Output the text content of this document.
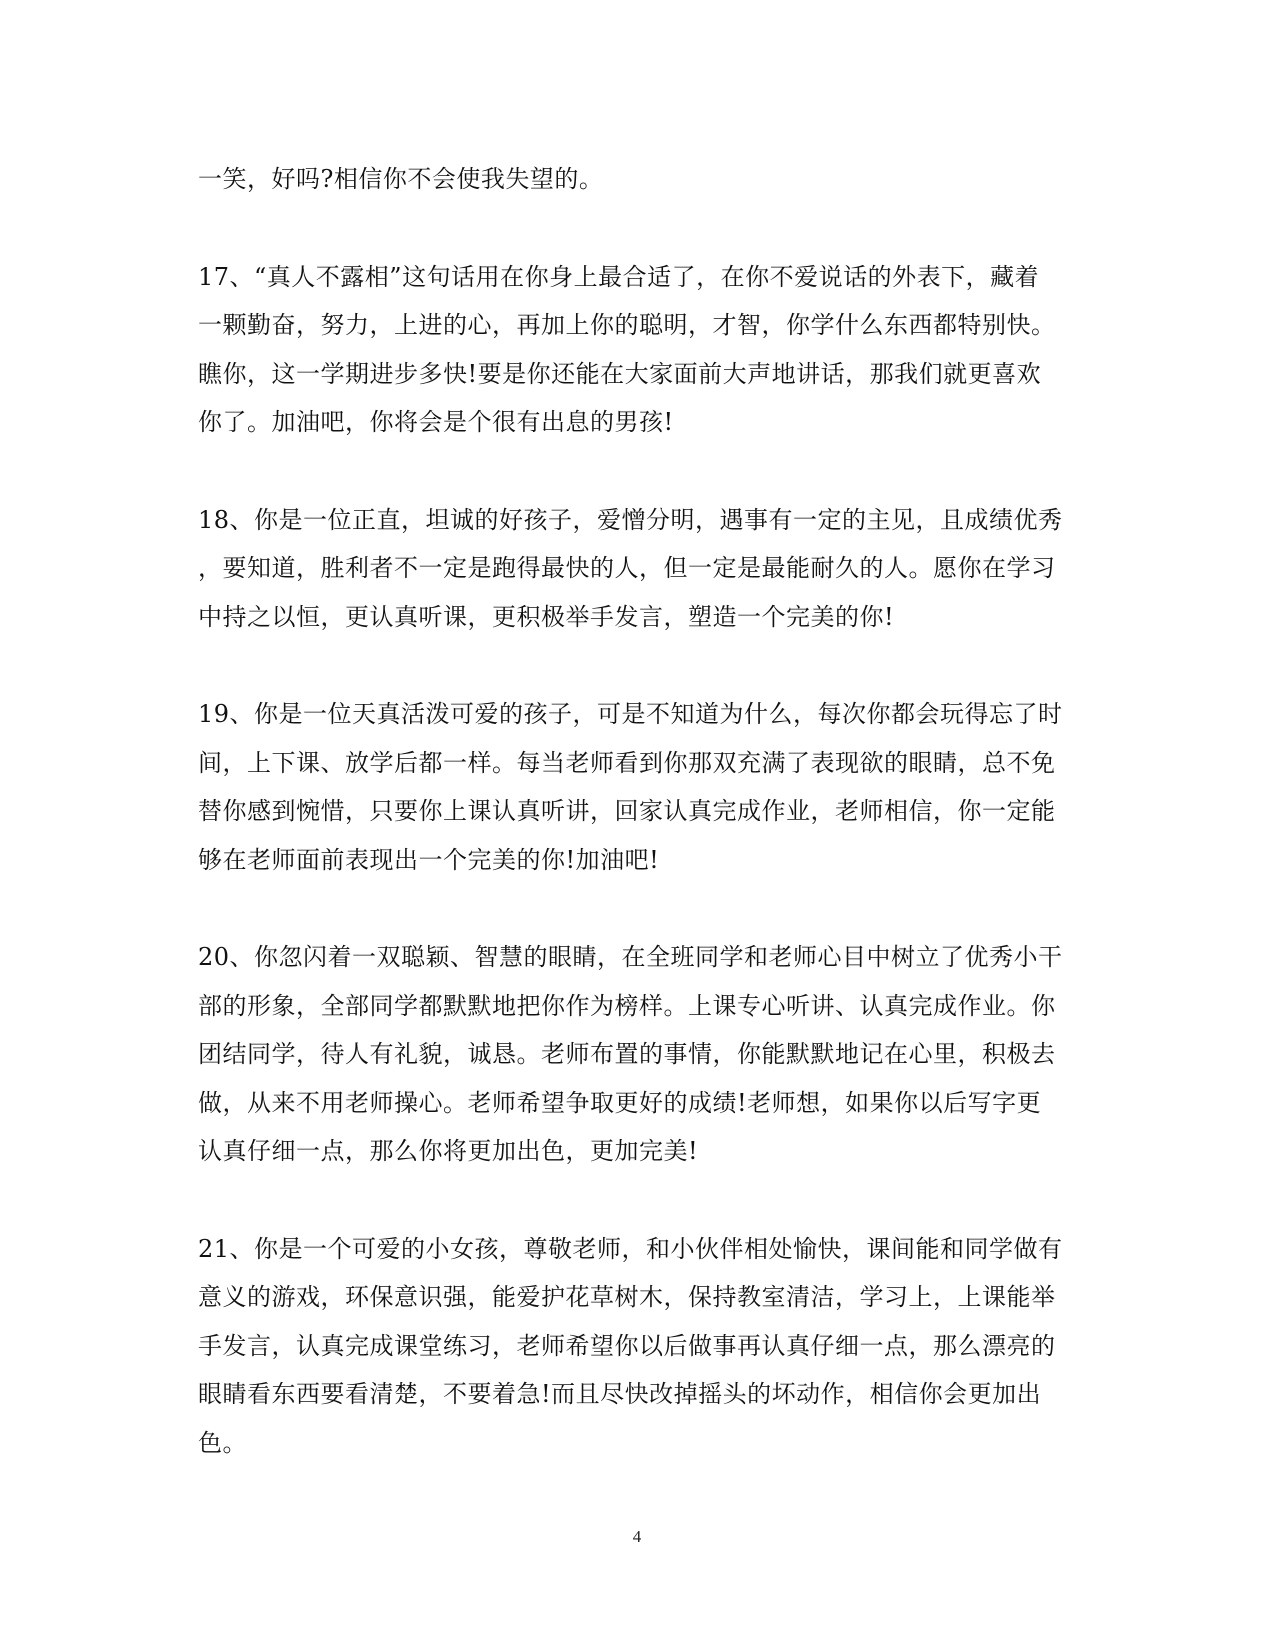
一笑，好吗?相信你不会使我失望的。

17、“真人不露相”这句话用在你身上最合适了，在你不爱说话的外表下，藏着
一颗勤奋，努力，上进的心，再加上你的聪明，才智，你学什么东西都特别快。
瞧你，这一学期进步多快!要是你还能在大家面前大声地讲话，那我们就更喜欢
你了。加油吧，你将会是个很有出息的男孩!

18、你是一位正直，坦诚的好孩子，爱憎分明，遇事有一定的主见，且成绩优秀
，要知道，胜利者不一定是跑得最快的人，但一定是最能耐久的人。愿你在学习
中持之以恒，更认真听课，更积极举手发言，塑造一个完美的你!

19、你是一位天真活泼可爱的孩子，可是不知道为什么，每次你都会玩得忘了时
间，上下课、放学后都一样。每当老师看到你那双充满了表现欲的眼睛，总不免
替你感到惋惜，只要你上课认真听讲，回家认真完成作业，老师相信，你一定能
够在老师面前表现出一个完美的你!加油吧!

20、你忽闪着一双聪颖、智慧的眼睛，在全班同学和老师心目中树立了优秀小干
部的形象，全部同学都默默地把你作为榜样。上课专心听讲、认真完成作业。你
团结同学，待人有礼貌，诚恳。老师布置的事情，你能默默地记在心里，积极去
做，从来不用老师操心。老师希望争取更好的成绩!老师想，如果你以后写字更
认真仔细一点，那么你将更加出色，更加完美!

21、你是一个可爱的小女孩，尊敬老师，和小伙伴相处愉快，课间能和同学做有
意义的游戏，环保意识强，能爱护花草树木，保持教室清洁，学习上，上课能举
手发言，认真完成课堂练习，老师希望你以后做事再认真仔细一点，那么漂亮的
眼睛看东西要看清楚，不要着急!而且尽快改掉摇头的坏动作，相信你会更加出
色。

4
